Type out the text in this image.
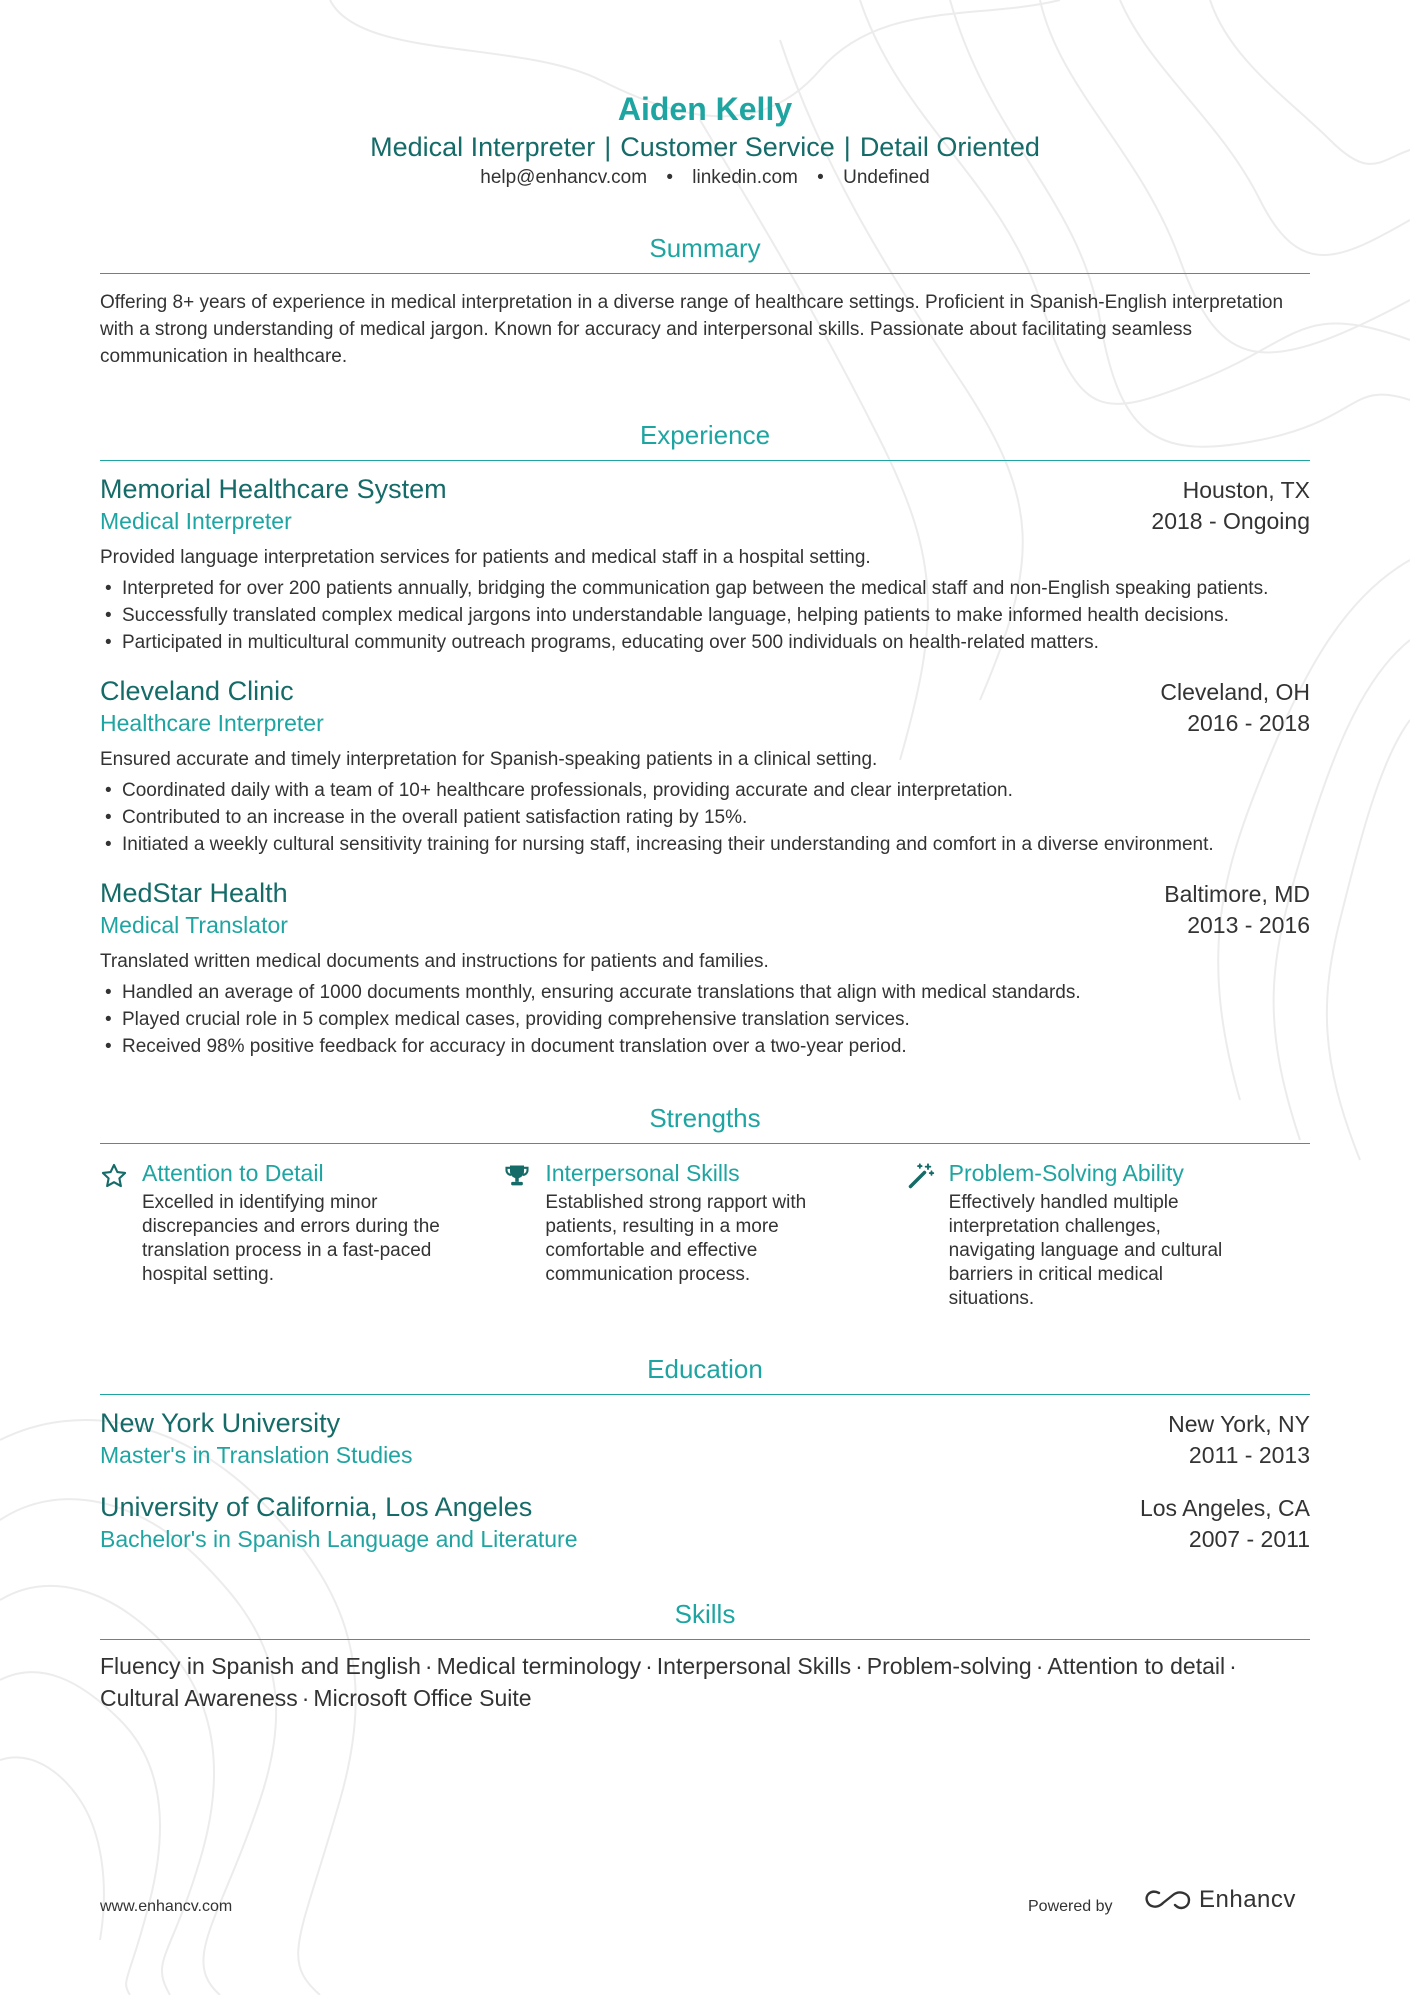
Aiden Kelly
Medical Interpreter | Customer Service | Detail Oriented
help@enhancv.com • linkedin.com • Undefined
Summary
Offering 8+ years of experience in medical interpretation in a diverse range of healthcare settings. Proficient in Spanish-English interpretation with a strong understanding of medical jargon. Known for accuracy and interpersonal skills. Passionate about facilitating seamless communication in healthcare.
Experience
Memorial Healthcare System	Houston, TX
Medical Interpreter	2018 - Ongoing
Provided language interpretation services for patients and medical staff in a hospital setting.
• Interpreted for over 200 patients annually, bridging the communication gap between the medical staff and non-English speaking patients.
• Successfully translated complex medical jargons into understandable language, helping patients to make informed health decisions.
• Participated in multicultural community outreach programs, educating over 500 individuals on health-related matters.
Cleveland Clinic	Cleveland, OH
Healthcare Interpreter	2016 - 2018
Ensured accurate and timely interpretation for Spanish-speaking patients in a clinical setting.
• Coordinated daily with a team of 10+ healthcare professionals, providing accurate and clear interpretation.
• Contributed to an increase in the overall patient satisfaction rating by 15%.
• Initiated a weekly cultural sensitivity training for nursing staff, increasing their understanding and comfort in a diverse environment.
MedStar Health	Baltimore, MD
Medical Translator	2013 - 2016
Translated written medical documents and instructions for patients and families.
• Handled an average of 1000 documents monthly, ensuring accurate translations that align with medical standards.
• Played crucial role in 5 complex medical cases, providing comprehensive translation services.
• Received 98% positive feedback for accuracy in document translation over a two-year period.
Strengths
Attention to Detail
Excelled in identifying minor discrepancies and errors during the translation process in a fast-paced hospital setting.
Interpersonal Skills
Established strong rapport with patients, resulting in a more comfortable and effective communication process.
Problem-Solving Ability
Effectively handled multiple interpretation challenges, navigating language and cultural barriers in critical medical situations.
Education
New York University	New York, NY
Master's in Translation Studies	2011 - 2013
University of California, Los Angeles	Los Angeles, CA
Bachelor's in Spanish Language and Literature	2007 - 2011
Skills
Fluency in Spanish and English · Medical terminology · Interpersonal Skills · Problem-solving · Attention to detail ·
Cultural Awareness · Microsoft Office Suite
www.enhancv.com	Powered by	Enhancv
